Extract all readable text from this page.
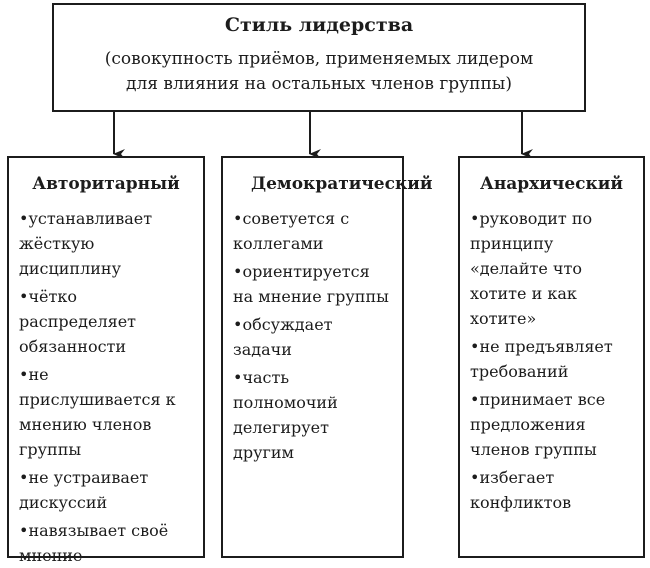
Стиль лидерства
(совокупность приёмов, применяемых лидером
для влияния на остальных членов группы)
Авторитарный
•устанавливает жёсткую дисциплину
•чётко распределяет обязанности
•не прислушивается к мнению членов группы
•не устраивает дискуссий
•навязывает своё мнение
Демократический
•советуется с коллегами
•ориентируется на мнение группы
•обсуждает задачи
•часть полномочий делегирует другим
Анархический
•руководит по принципу «делайте что хотите и как хотите»
•не предъявляет требований
•принимает все предложения членов группы
•избегает конфликтов
